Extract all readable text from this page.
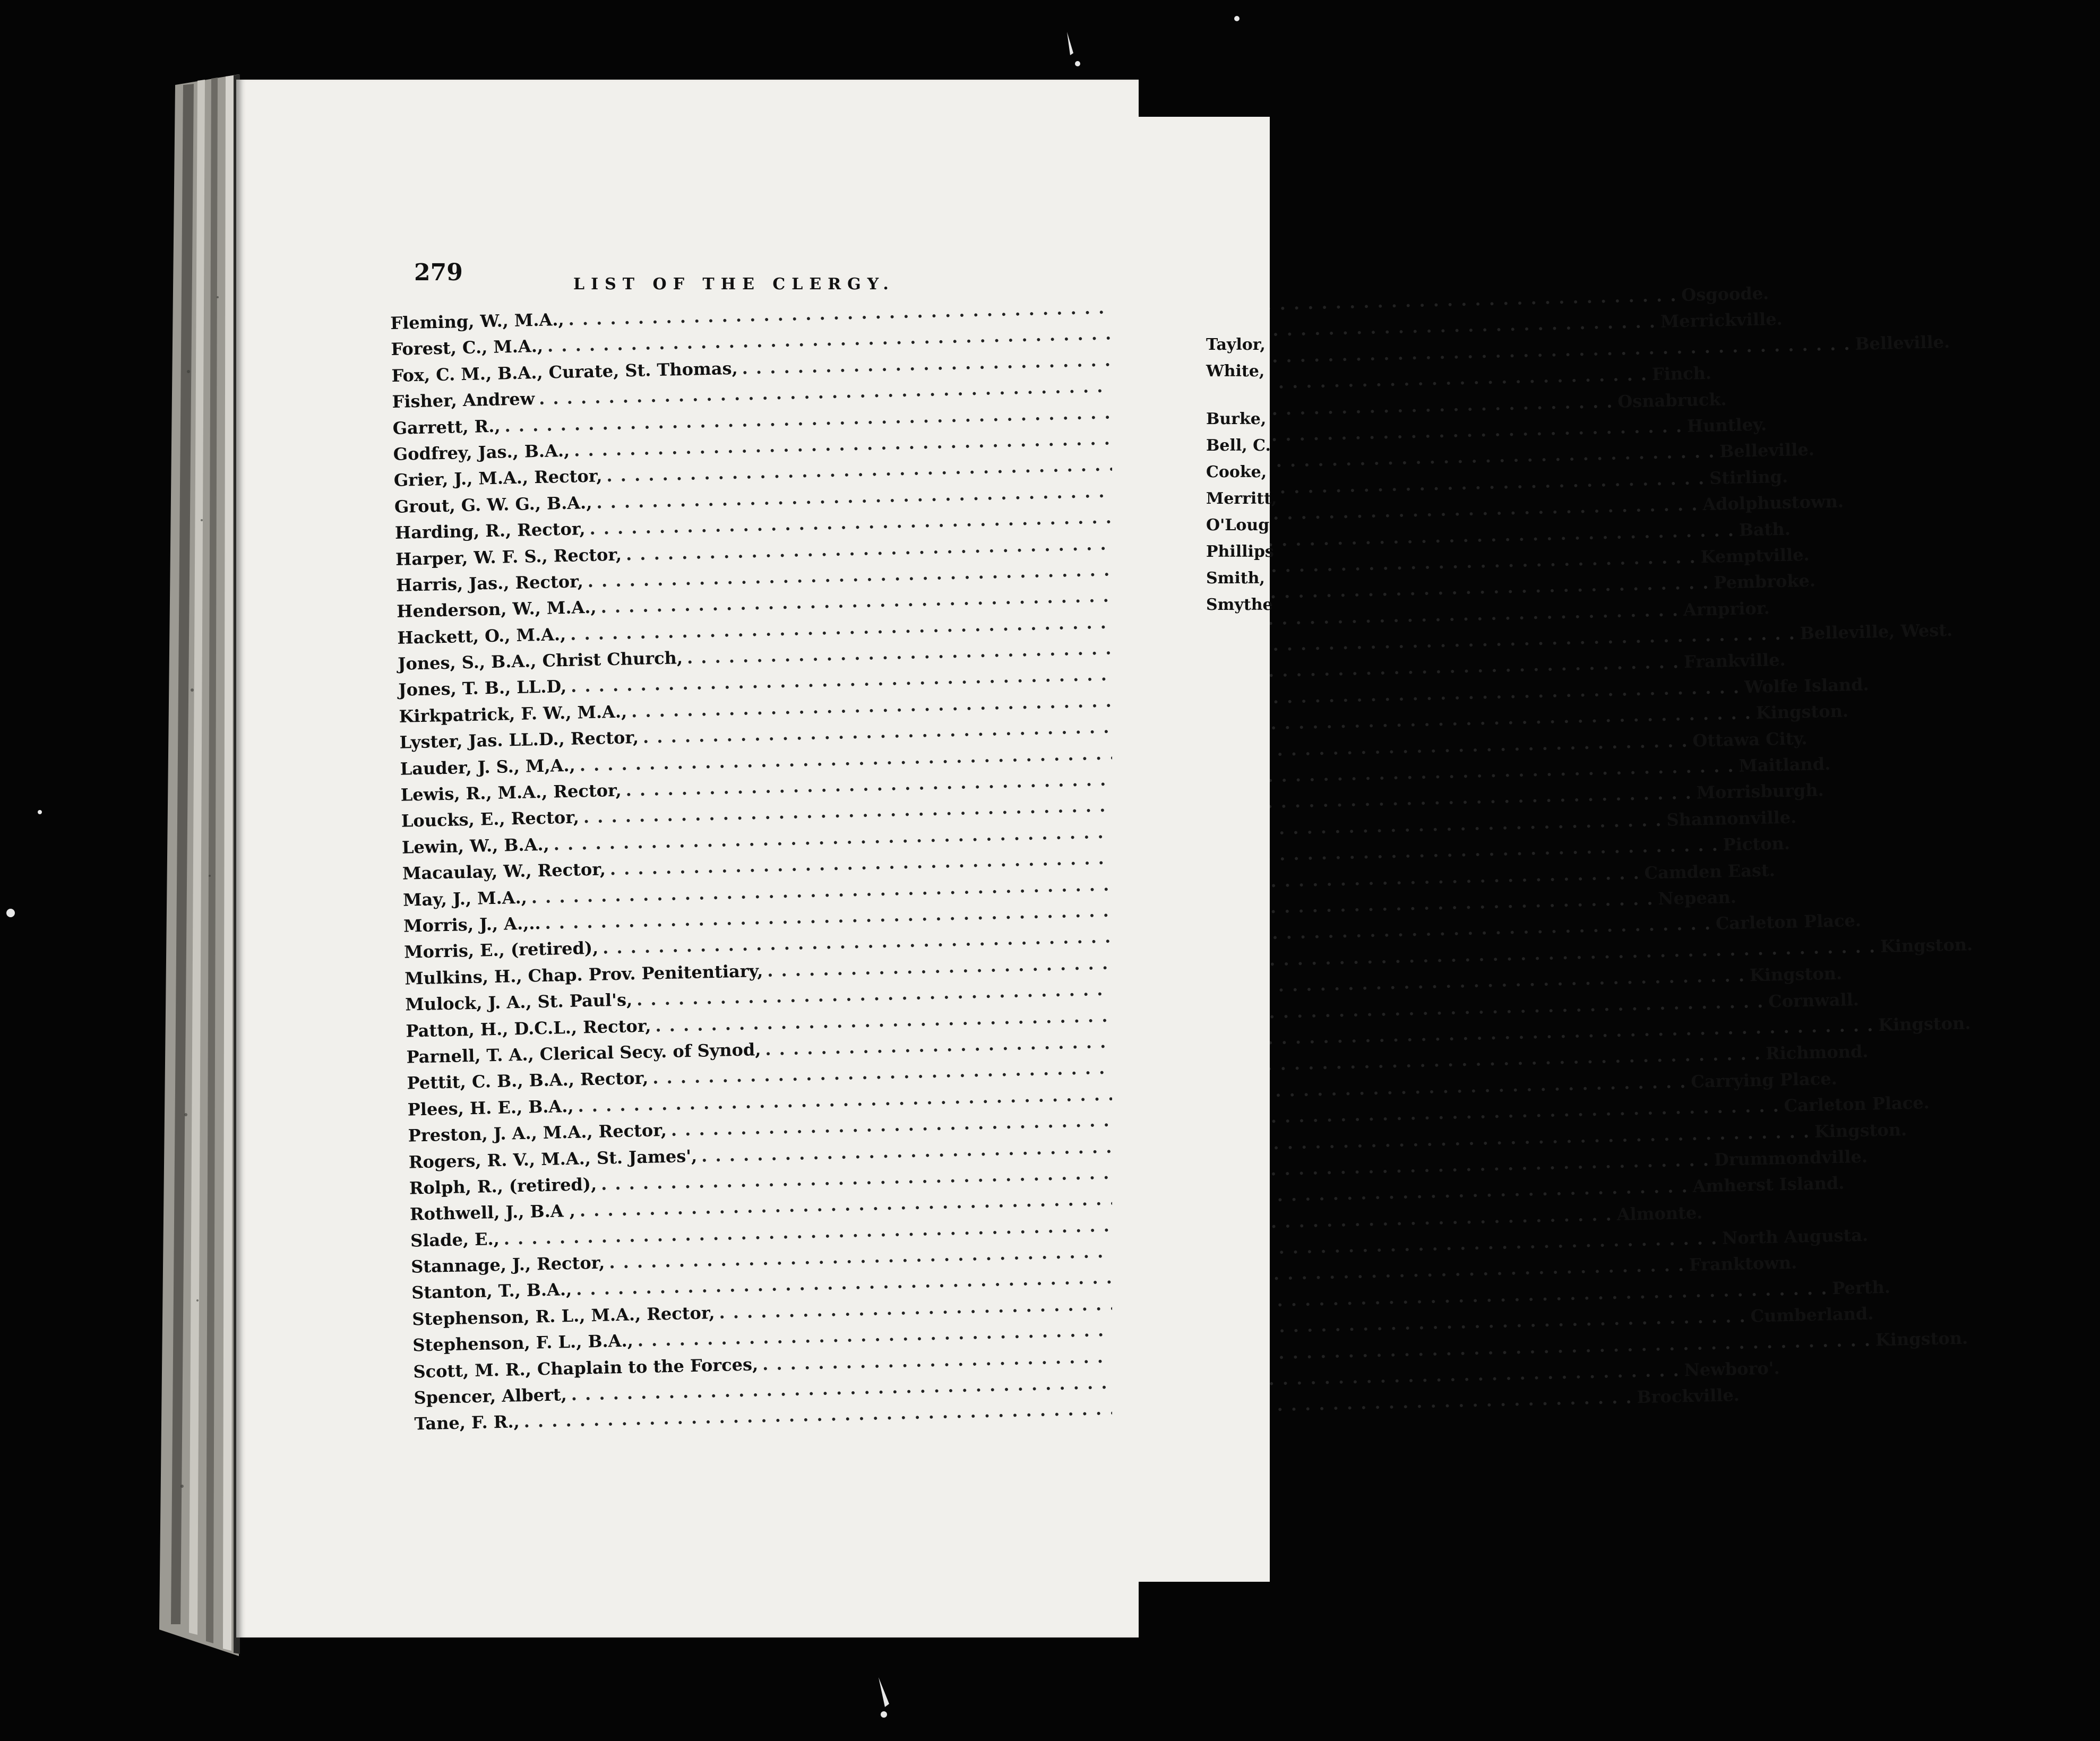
279	LIST OF THE CLERGY.
Fleming, W., M.A.,
. . .
Osgoode.
Forest, C., M.A.,
. . .
Merrickville.
Fox, C. M., B.A., Curate, St. Thomas,
. . .
Belleville.
Fisher, Andrew
. . .
Finch.
Garrett, R.,
. . .
Osnabruck.
Godfrey, Jas., B.A.,
. . .
Huntley.
Grier, J., M.A., Rector,
. . .
Belleville.
Grout, G. W. G., B.A.,
. . .
Stirling.
Harding, R., Rector,
. . .
Adolphustown.
Harper, W. F. S., Rector,
. . .
Bath.
Harris, Jas., Rector,
. . .
Kemptville.
Henderson, W., M.A.,
. . .
Pembroke.
Hackett, O., M.A.,
. . .
Arnprior.
Jones, S., B.A., Christ Church,
. . .
Belleville, West.
Jones, T. B., LL.D,
. . .
Frankville.
Kirkpatrick, F. W., M.A.,
. . .
Wolfe Island.
Lyster, Jas. LL.D., Rector,
. . .
Kingston.
Lauder, J. S., M,A.,
. . .
Ottawa City.
Lewis, R., M.A., Rector,
. . .
Maitland.
Loucks, E., Rector,
. . .
Morrisburgh.
Lewin, W., B.A.,
. . .
Shannonville.
Macaulay, W., Rector,
. . .
Picton.
May, J., M.A.,
. . .
Camden East.
Morris, J., A.,..
. . .
Nepean.
Morris, E., (retired),
. . .
Carleton Place.
Mulkins, H., Chap. Prov. Penitentiary,
. . .
Kingston.
Mulock, J. A., St. Paul's,
. . .
Kingston.
Patton, H., D.C.L., Rector,
. . .
Cornwall.
Parnell, T. A., Clerical Secy. of Synod,
. . .
Kingston.
Pettit, C. B., B.A., Rector,
. . .
Richmond.
Plees, H. E., B.A.,
. . .
Carrying Place.
Preston, J. A., M.A., Rector,
. . .
Carleton Place.
Rogers, R. V., M.A., St. James',
. . .
Kingston.
Rolph, R., (retired),
. . .
Drummondville.
Rothwell, J., B.A ,
. . .
Amherst Island.
Slade, E.,
. . .
Almonte.
Stannage, J., Rector,
. . .
North Augusta.
Stanton, T., B.A.,
. . .
Franktown.
Stephenson, R. L., M.A., Rector,
. . .
Perth.
Stephenson, F. L., B.A.,
. . .
Cumberland.
Scott, M. R., Chaplain to the Forces,
. . .
Kingston.
Spencer, Albert,
. . .
Newboro'.
Tane, F. R.,
. . .
Brockville.
Taylor,
White,
Burke,
Bell, C.
Cooke,
Merritt,
O'Loug
Phillips
Smith,
Smythe
